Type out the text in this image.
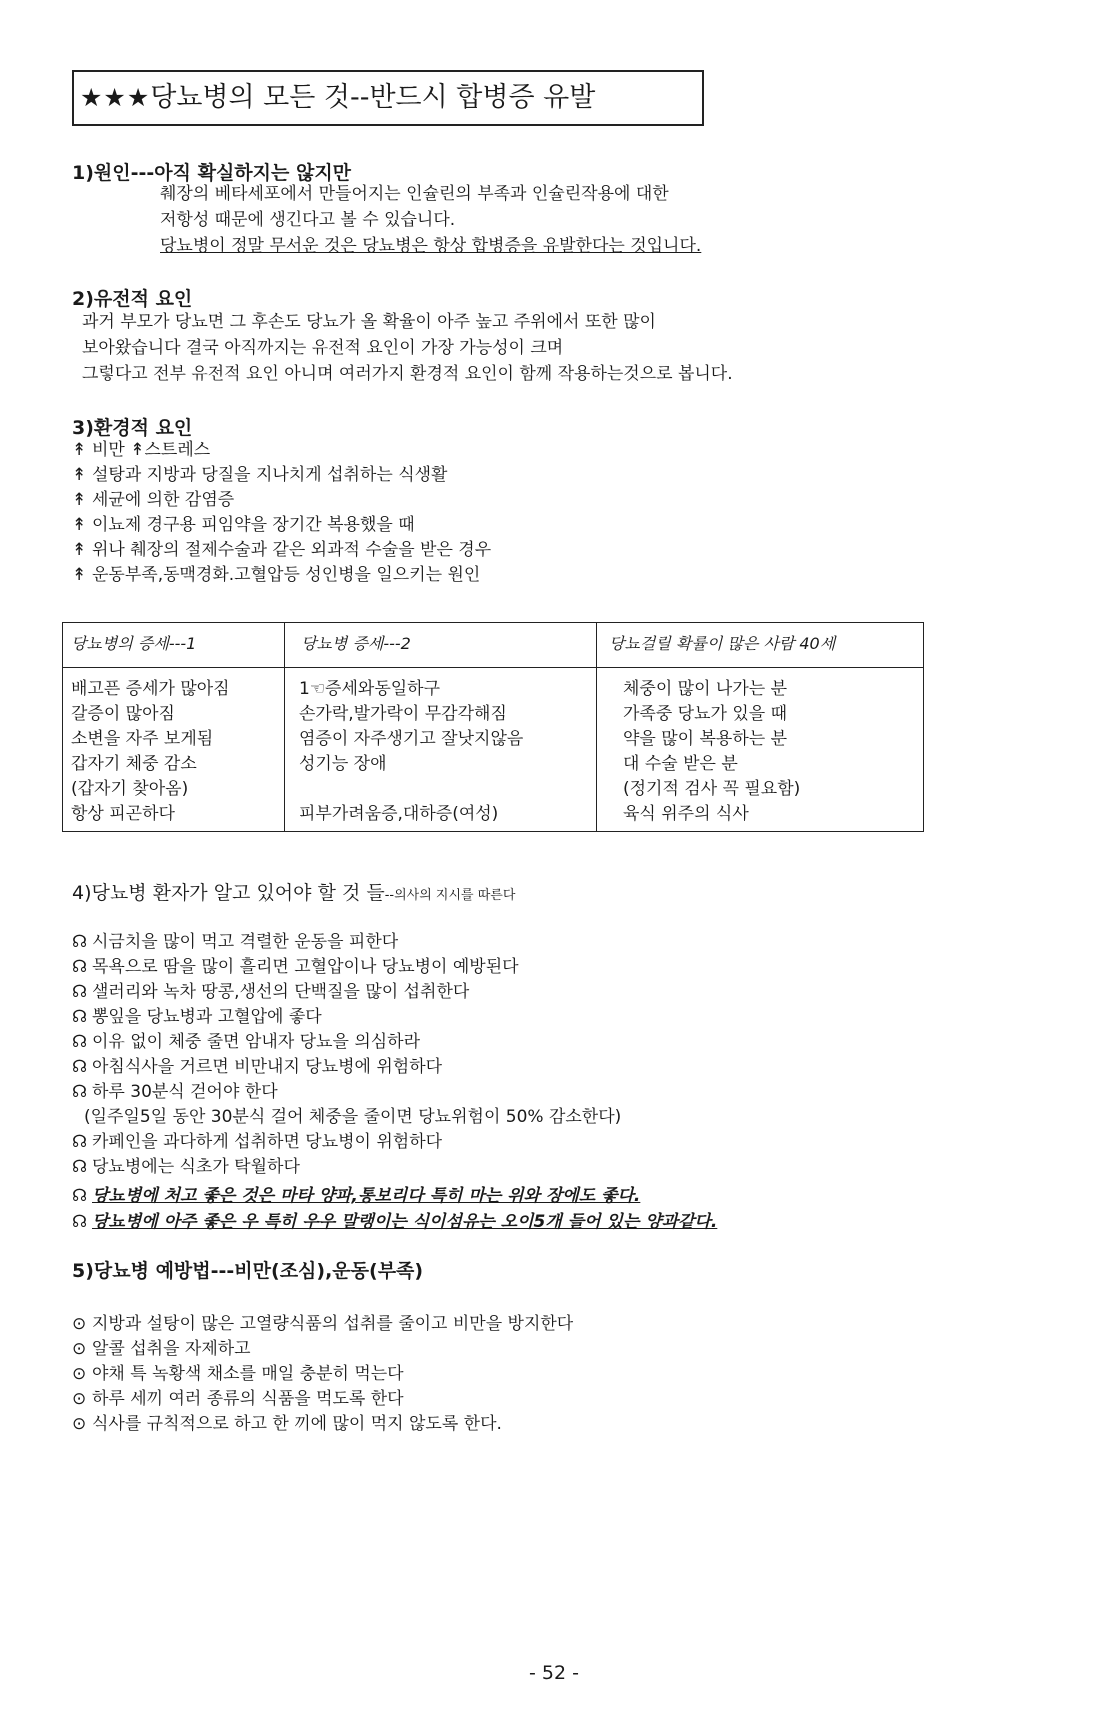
★★★당뇨병의 모든 것--반드시 합병증 유발
1)원인---아직 확실하지는 않지만
췌장의 베타세포에서 만들어지는 인슐린의 부족과 인슐린작용에 대한
저항성 때문에 생긴다고 볼 수 있습니다.
당뇨병이 정말 무서운 것은 당뇨병은 항상 합병증을 유발한다는 것입니다.
2)유전적 요인
과거 부모가 당뇨면 그 후손도 당뇨가 올 확율이 아주 높고 주위에서 또한 많이
보아왔습니다 결국 아직까지는 유전적 요인이 가장 가능성이 크며
그렇다고 전부 유전적 요인 아니며 여러가지 환경적 요인이 함께 작용하는것으로 봅니다.
3)환경적 요인
↟ 비만 ↟스트레스
↟ 설탕과 지방과 당질을 지나치게 섭취하는 식생활
↟ 세균에 의한 감염증
↟ 이뇨제 경구용 피임약을 장기간 복용했을 때
↟ 위나 췌장의 절제수술과 같은 외과적 수술을 받은 경우
↟ 운동부족,동맥경화.고혈압등 성인병을 일으키는 원인
당뇨병의 증세---1	당뇨병 증세---2	당뇨걸릴 확률이 많은 사람 40세
배고픈 증세가 많아짐
갈증이 많아짐
소변을 자주 보게됨
갑자기 체중 감소
(갑자기 찾아옴)
항상 피곤하다
1☜증세와동일하구
손가락,발가락이 무감각해짐
염증이 자주생기고 잘낫지않음
성기능 장애
피부가려움증,대하증(여성)
체중이 많이 나가는 분
가족중 당뇨가 있을 때
약을 많이 복용하는 분
대 수술 받은 분
(정기적 검사 꼭 필요함)
육식 위주의 식사
4)당뇨병 환자가 알고 있어야 할 것 들--의사의 지시를 따른다
☊ 시금치을 많이 먹고 격렬한 운동을 피한다
☊ 목욕으로 땀을 많이 흘리면 고혈압이나 당뇨병이 예방된다
☊ 샐러리와 녹차 땅콩,생선의 단백질을 많이 섭취한다
☊ 뽕잎을 당뇨병과 고혈압에 좋다
☊ 이유 없이 체중 줄면 암내자 당뇨을 의심하라
☊ 아침식사을 거르면 비만내지 당뇨병에 위험하다
☊ 하루 30분식 걷어야 한다
(일주일5일 동안 30분식 걸어 체중을 줄이면 당뇨위험이 50% 감소한다)
☊ 카페인을 과다하게 섭취하면 당뇨병이 위험하다
☊ 당뇨병에는 식초가 탁월하다
☊ 당뇨병에 처고 좋은 것은 마타 양파,통보리다 특히 마는 위와 장에도 좋다.
☊ 당뇨병에 아주 좋은 우 특히 우우 말랭이는 식이섬유는 오이5개 들어 있는 양과같다.
5)당뇨병 예방법---비만(조심),운동(부족)
⊙ 지방과 설탕이 많은 고열량식품의 섭취를 줄이고 비만을 방지한다
⊙ 알콜 섭취을 자제하고
⊙ 야채 특 녹황색 채소를 매일 충분히 먹는다
⊙ 하루 세끼 여러 종류의 식품을 먹도록 한다
⊙ 식사를 규칙적으로 하고 한 끼에 많이 먹지 않도록 한다.
- 52 -
